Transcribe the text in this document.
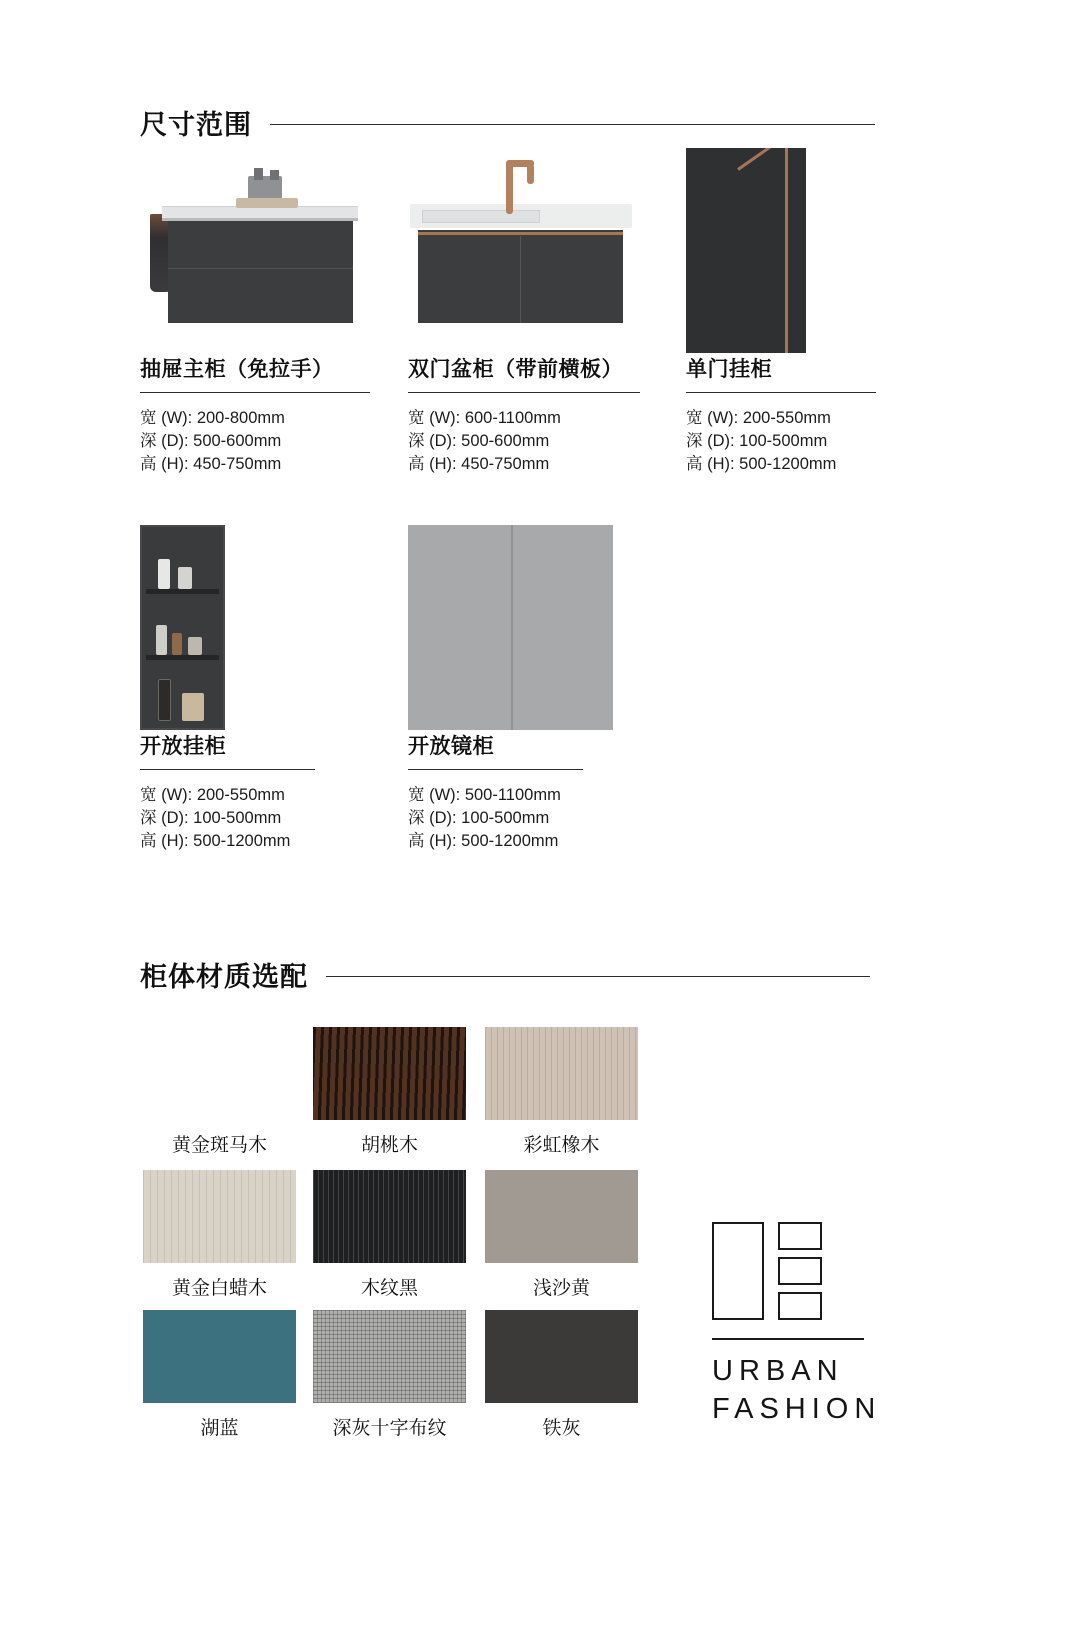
尺寸范围
抽屉主柜（免拉手）
宽 (W): 200-800mm
深 (D): 500-600mm
高 (H): 450-750mm
双门盆柜（带前横板）
宽 (W): 600-1100mm
深 (D): 500-600mm
高 (H): 450-750mm
单门挂柜
宽 (W): 200-550mm
深 (D): 100-500mm
高 (H): 500-1200mm
开放挂柜
宽 (W): 200-550mm
深 (D): 100-500mm
高 (H): 500-1200mm
开放镜柜
宽 (W): 500-1100mm
深 (D): 100-500mm
高 (H): 500-1200mm
柜体材质选配
黄金斑马木	胡桃木	彩虹橡木
黄金白蜡木	木纹黑	浅沙黄
湖蓝	深灰十字布纹	铁灰
URBAN
FASHION
